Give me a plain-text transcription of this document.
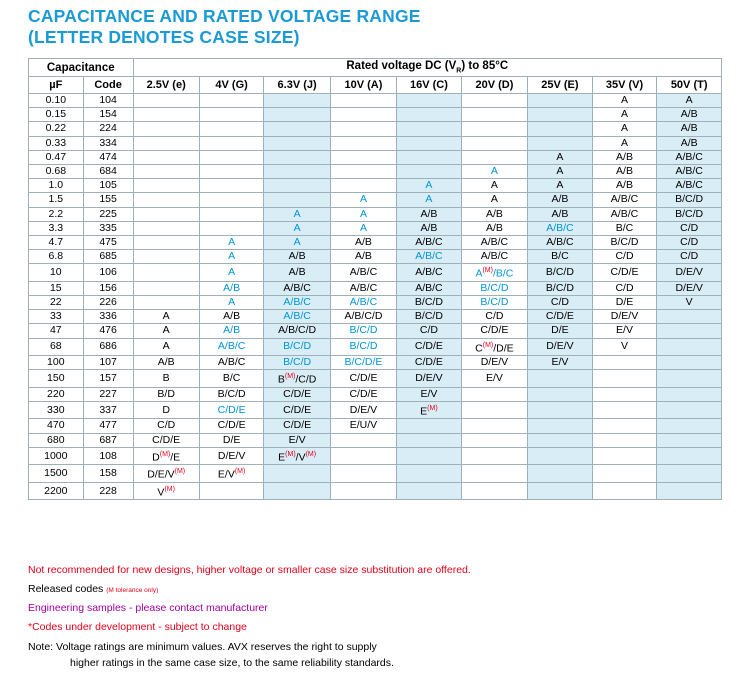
CAPACITANCE AND RATED VOLTAGE RANGE
(LETTER DENOTES CASE SIZE)
Capacitance		Rated voltage DC $(V_R)$ to 85°C								
µF	Code	2.5V (e)	4V (G)	6.3V (J)	10V (A)	16V (C)	20V (D)	25V (E)	35V (V)	50V (T)
0.10	104								A	A
0.15	154								A	A/B
0.22	224								A	A/B
0.33	334								A	A/B
0.47	474							A	A/B	A/B/C
0.68	684						A	A	A/B	A/B/C
1.0	105					A	A	A	A/B	A/B/C
1.5	155				A	A	A	A/B	A/B/C	B/C/D
2.2	225			A	A	A/B	A/B	A/B	A/B/C	B/C/D
3.3	335			A	A	A/B	A/B	A/B/C	B/C	C/D
4.7	475		A	A	A/B	A/B/C	A/B/C	A/B/C	B/C/D	C/D
6.8	685		A	A/B	A/B	A/B/C	A/B/C	B/C	C/D	C/D
10	106		A	A/B	A/B/C	A/B/C	$A^{(M)}/B/C$	B/C/D	C/D/E	D/E/V
15	156		A/B	A/B/C	A/B/C	A/B/C	B/C/D	B/C/D	C/D	D/E/V
22	226		A	A/B/C	A/B/C	B/C/D	B/C/D	C/D	D/E	V
33	336	A	A/B	A/B/C	A/B/C/D	B/C/D	C/D	C/D/E	D/E/V	
47	476	A	A/B	A/B/C/D	B/C/D	C/D	C/D/E	D/E	E/V	
68	686	A	A/B/C	B/C/D	B/C/D	C/D/E	$C^{(M)}/D/E$	D/E/V	V	
100	107	A/B	A/B/C	B/C/D	B/C/D/E	C/D/E	D/E/V	E/V		
150	157	B	B/C	$B^{(M)}/C/D$	C/D/E	D/E/V	E/V			
220	227	B/D	B/C/D	C/D/E	C/D/E	E/V				
330	337	D	C/D/E	C/D/E	D/E/V	$E^{(M)}$				
470	477	C/D	C/D/E	C/D/E	E/U/V					
680	687	C/D/E	D/E	E/V						
1000	108	$D^{(M)}/E$	D/E/V	$E^{(M)}/V^{(M)}$						
1500	158	$D/E/V^{(M)}$	$E/V^{(M)}$							
2200	228	$V^{(M)}$								
Not recommended for new designs, higher voltage or smaller case size substitution are offered.
Released codes (M tolerance only)
Engineering samples - please contact manufacturer
*Codes under development - subject to change
Note: Voltage ratings are minimum values. AVX reserves the right to supply
higher ratings in the same case size, to the same reliability standards.
